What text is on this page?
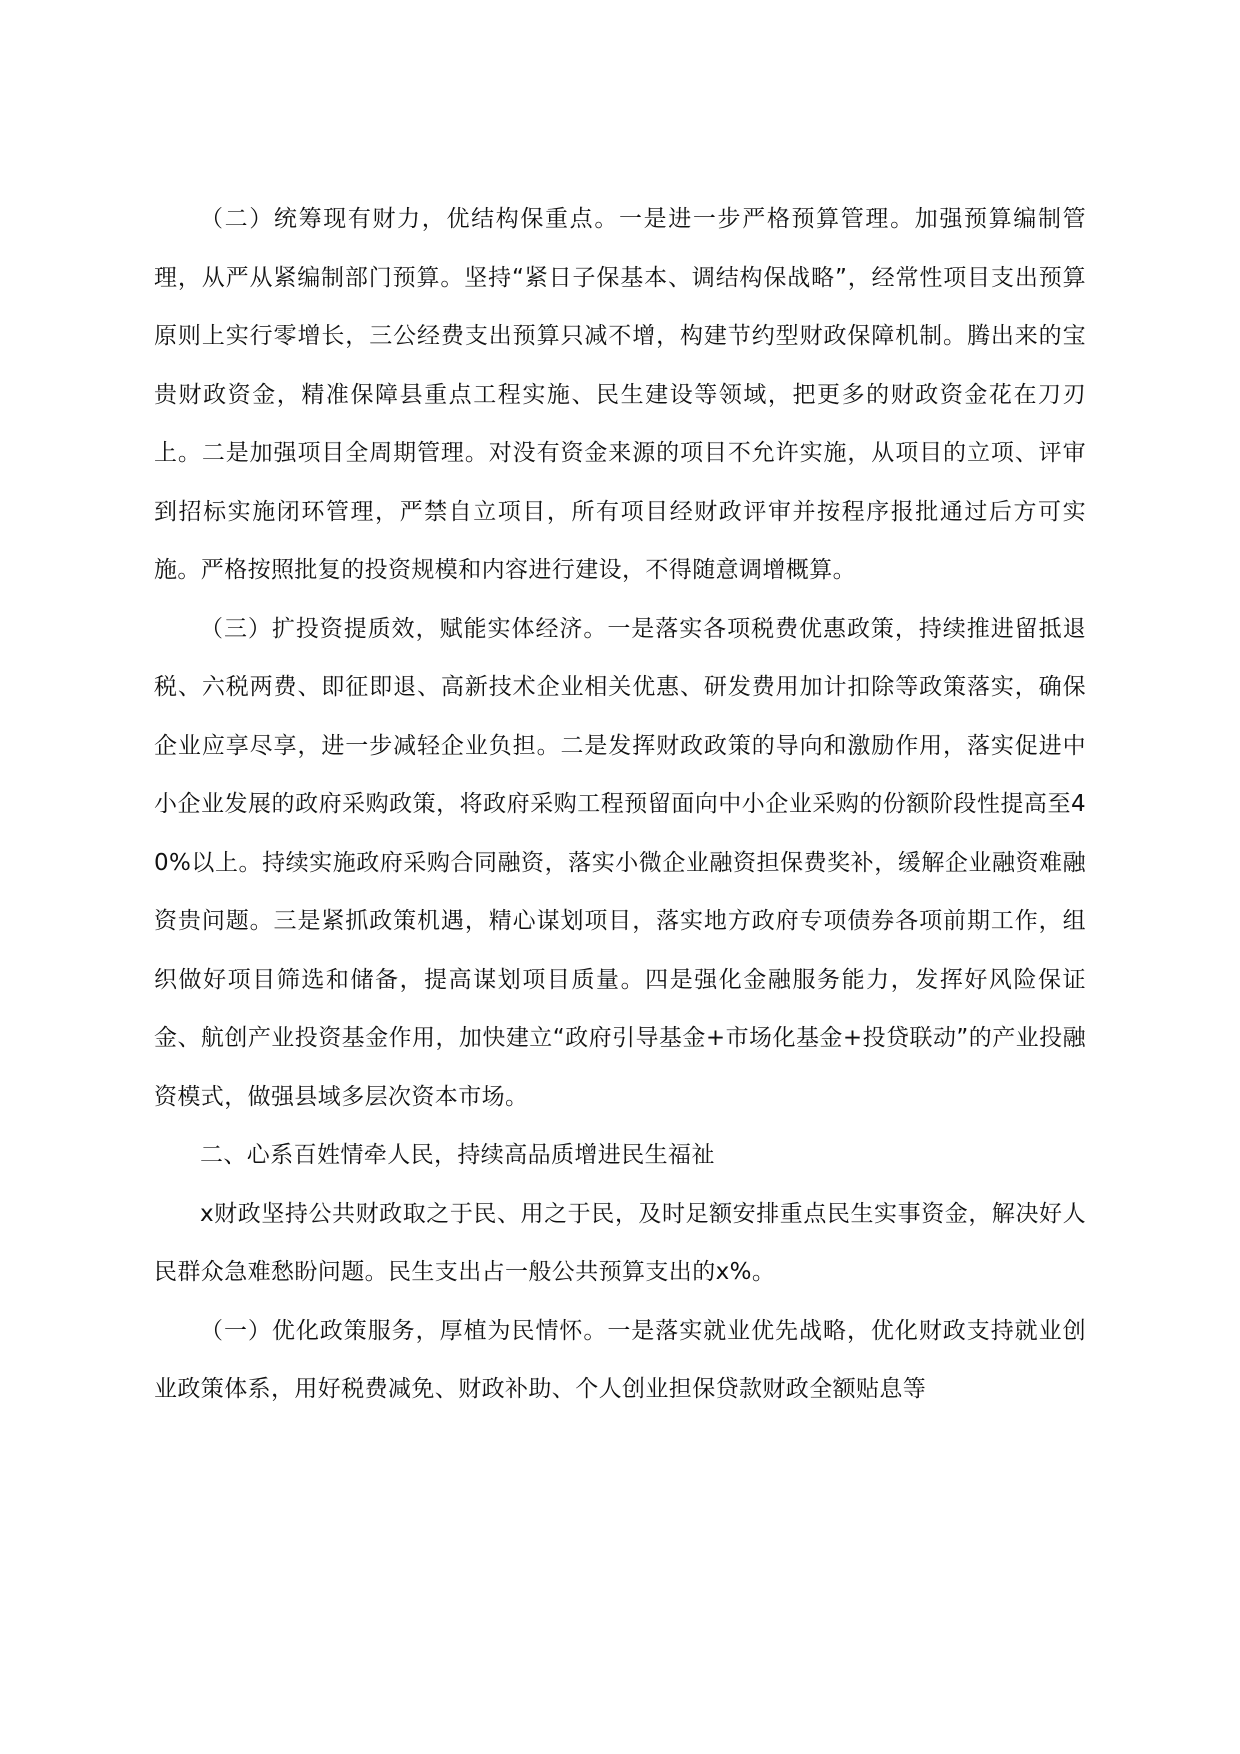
（二）统筹现有财力，优结构保重点。一是进一步严格预算管理。加强预算编制管理，从严从紧编制部门预算。坚持“紧日子保基本、调结构保战略”，经常性项目支出预算原则上实行零增长，三公经费支出预算只减不增，构建节约型财政保障机制。腾出来的宝贵财政资金，精准保障县重点工程实施、民生建设等领域，把更多的财政资金花在刀刃上。二是加强项目全周期管理。对没有资金来源的项目不允许实施，从项目的立项、评审到招标实施闭环管理，严禁自立项目，所有项目经财政评审并按程序报批通过后方可实施。严格按照批复的投资规模和内容进行建设，不得随意调增概算。

（三）扩投资提质效，赋能实体经济。一是落实各项税费优惠政策，持续推进留抵退税、六税两费、即征即退、高新技术企业相关优惠、研发费用加计扣除等政策落实，确保企业应享尽享，进一步减轻企业负担。二是发挥财政政策的导向和激励作用，落实促进中小企业发展的政府采购政策，将政府采购工程预留面向中小企业采购的份额阶段性提高至40%以上。持续实施政府采购合同融资，落实小微企业融资担保费奖补，缓解企业融资难融资贵问题。三是紧抓政策机遇，精心谋划项目，落实地方政府专项债券各项前期工作，组织做好项目筛选和储备，提高谋划项目质量。四是强化金融服务能力，发挥好风险保证金、航创产业投资基金作用，加快建立“政府引导基金+市场化基金+投贷联动”的产业投融资模式，做强县域多层次资本市场。

二、心系百姓情牵人民，持续高品质增进民生福祉

x财政坚持公共财政取之于民、用之于民，及时足额安排重点民生实事资金，解决好人民群众急难愁盼问题。民生支出占一般公共预算支出的x%。

（一）优化政策服务，厚植为民情怀。一是落实就业优先战略，优化财政支持就业创业政策体系，用好税费减免、财政补助、个人创业担保贷款财政全额贴息等
